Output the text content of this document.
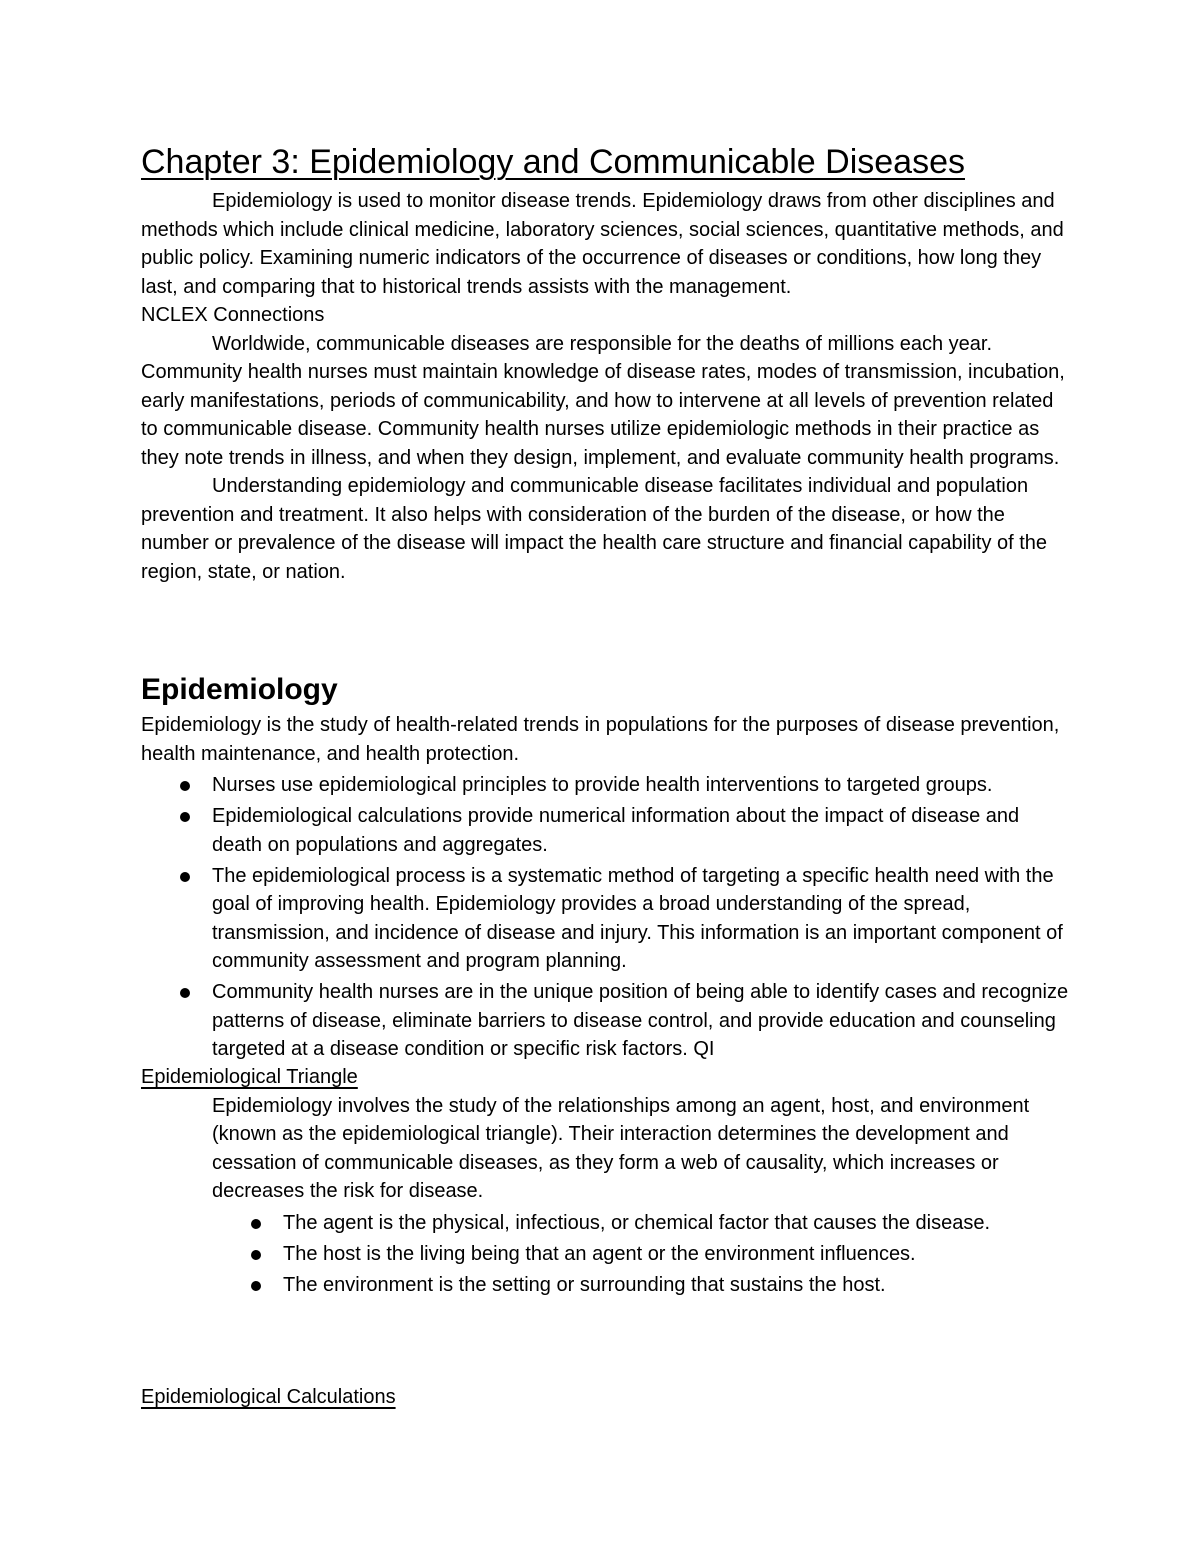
Chapter 3: Epidemiology and Communicable Diseases

Epidemiology is used to monitor disease trends. Epidemiology draws from other disciplines and methods which include clinical medicine, laboratory sciences, social sciences, quantitative methods, and public policy. Examining numeric indicators of the occurrence of diseases or conditions, how long they last, and comparing that to historical trends assists with the management.

NCLEX Connections

Worldwide, communicable diseases are responsible for the deaths of millions each year. Community health nurses must maintain knowledge of disease rates, modes of transmission, incubation, early manifestations, periods of communicability, and how to intervene at all levels of prevention related to communicable disease. Community health nurses utilize epidemiologic methods in their practice as they note trends in illness, and when they design, implement, and evaluate community health programs.

Understanding epidemiology and communicable disease facilitates individual and population prevention and treatment. It also helps with consideration of the burden of the disease, or how the number or prevalence of the disease will impact the health care structure and financial capability of the region, state, or nation.

Epidemiology

Epidemiology is the study of health-related trends in populations for the purposes of disease prevention, health maintenance, and health protection.

Nurses use epidemiological principles to provide health interventions to targeted groups.
Epidemiological calculations provide numerical information about the impact of disease and death on populations and aggregates.
The epidemiological process is a systematic method of targeting a specific health need with the goal of improving health. Epidemiology provides a broad understanding of the spread, transmission, and incidence of disease and injury. This information is an important component of community assessment and program planning.
Community health nurses are in the unique position of being able to identify cases and recognize patterns of disease, eliminate barriers to disease control, and provide education and counseling targeted at a disease condition or specific risk factors. QI

Epidemiological Triangle

Epidemiology involves the study of the relationships among an agent, host, and environment (known as the epidemiological triangle). Their interaction determines the development and cessation of communicable diseases, as they form a web of causality, which increases or decreases the risk for disease.

The agent is the physical, infectious, or chemical factor that causes the disease.
The host is the living being that an agent or the environment influences.
The environment is the setting or surrounding that sustains the host.

Epidemiological Calculations
